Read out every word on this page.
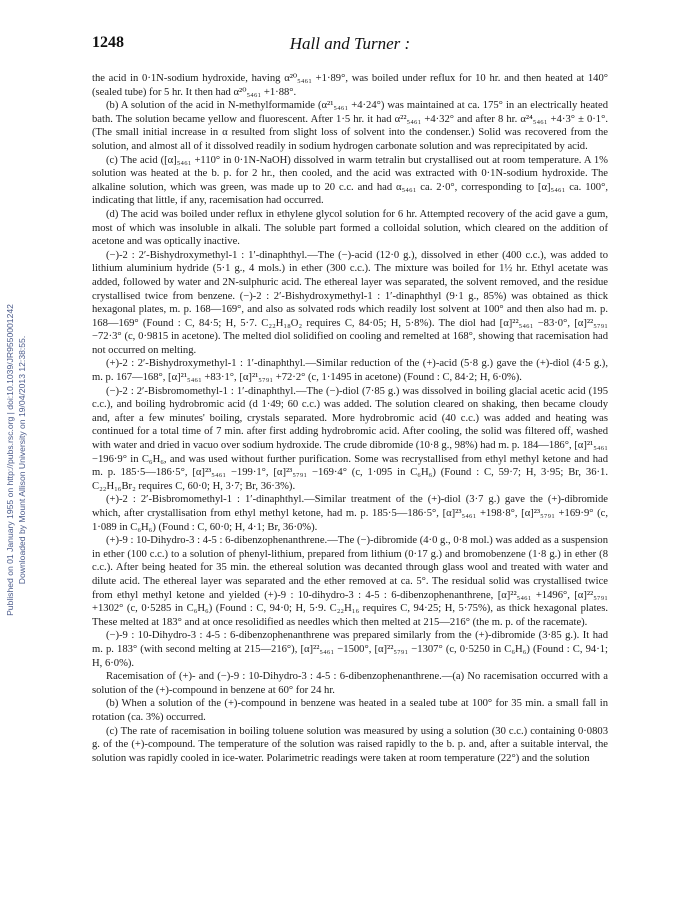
Published on 01 January 1955 on http://pubs.rsc.org | doi:10.1039/JR9550001242 Downloaded by Mount Allison University on 19/04/2013 12:38:55.
1248	Hall and Turner :

the acid in 0·1N-sodium hydroxide, having α²⁰₅₄₆₁ +1·89°, was boiled under reflux for 10 hr. and then heated at 140° (sealed tube) for 5 hr. It then had α²⁰₅₄₆₁ +1·88°.

(b) A solution of the acid in N-methylformamide (α²¹₅₄₆₁ +4·24°) was maintained at ca. 175° in an electrically heated bath. The solution became yellow and fluorescent. After 1·5 hr. it had α²²₅₄₆₁ +4·32° and after 8 hr. α²⁴₅₄₆₁ +4·3° ± 0·1°. (The small initial increase in α resulted from slight loss of solvent into the condenser.) Solid was recovered from the solution, and almost all of it dissolved readily in sodium hydrogen carbonate solution and was reprecipitated by acid.

(c) The acid ([α]₅₄₆₁ +110° in 0·1N-NaOH) dissolved in warm tetralin but crystallised out at room temperature. A 1% solution was heated at the b. p. for 2 hr., then cooled, and the acid was extracted with 0·1N-sodium hydroxide. The alkaline solution, which was green, was made up to 20 c.c. and had α₅₄₆₁ ca. 2·0°, corresponding to [α]₅₄₆₁ ca. 100°, indicating that little, if any, racemisation had occurred.

(d) The acid was boiled under reflux in ethylene glycol solution for 6 hr. Attempted recovery of the acid gave a gum, most of which was insoluble in alkali. The soluble part formed a colloidal solution, which cleared on the addition of acetone and was optically inactive.

(−)-2 : 2′-Bishydroxymethyl-1 : 1′-dinaphthyl.—The (−)-acid (12·0 g.), dissolved in ether (400 c.c.), was added to lithium aluminium hydride (5·1 g., 4 mols.) in ether (300 c.c.). The mixture was boiled for 1½ hr. Ethyl acetate was added, followed by water and 2N-sulphuric acid. The ethereal layer was separated, the solvent removed, and the residue crystallised twice from benzene. (−)-2 : 2′-Bishydroxymethyl-1 : 1′-dinaphthyl (9·1 g., 85%) was obtained as thick hexagonal plates, m. p. 168—169°, and also as solvated rods which readily lost solvent at 100° and then also had m. p. 168—169° (Found : C, 84·5; H, 5·7. C₂₂H₁₈O₂ requires C, 84·05; H, 5·8%). The diol had [α]²²₅₄₆₁ −83·0°, [α]²²₅₇₉₁ −72·3° (c, 0·9815 in acetone). The melted diol solidified on cooling and remelted at 168°, showing that racemisation had not occurred on melting.

(+)-2 : 2′-Bishydroxymethyl-1 : 1′-dinaphthyl.—Similar reduction of the (+)-acid (5·8 g.) gave the (+)-diol (4·5 g.), m. p. 167—168°, [α]²¹₅₄₆₁ +83·1°, [α]²¹₅₇₉₁ +72·2° (c, 1·1495 in acetone) (Found : C, 84·2; H, 6·0%).

(−)-2 : 2′-Bisbromomethyl-1 : 1′-dinaphthyl.—The (−)-diol (7·85 g.) was dissolved in boiling glacial acetic acid (195 c.c.), and boiling hydrobromic acid (d 1·49; 60 c.c.) was added. The solution cleared on shaking, then became cloudy and, after a few minutes' boiling, crystals separated. More hydrobromic acid (40 c.c.) was added and heating was continued for a total time of 7 min. after first adding hydrobromic acid. After cooling, the solid was filtered off, washed with water and dried in vacuo over sodium hydroxide. The crude dibromide (10·8 g., 98%) had m. p. 184—186°, [α]²¹₅₄₆₁ −196·9° in C₆H₆, and was used without further purification. Some was recrystallised from ethyl methyl ketone and had m. p. 185·5—186·5°, [α]²³₅₄₆₁ −199·1°, [α]²³₅₇₉₁ −169·4° (c, 1·095 in C₆H₆) (Found : C, 59·7; H, 3·95; Br, 36·1. C₂₂H₁₆Br₂ requires C, 60·0; H, 3·7; Br, 36·3%).

(+)-2 : 2′-Bisbromomethyl-1 : 1′-dinaphthyl.—Similar treatment of the (+)-diol (3·7 g.) gave the (+)-dibromide which, after crystallisation from ethyl methyl ketone, had m. p. 185·5—186·5°, [α]²³₅₄₆₁ +198·8°, [α]²³₅₇₉₁ +169·9° (c, 1·089 in C₆H₆) (Found : C, 60·0; H, 4·1; Br, 36·0%).

(+)-9 : 10-Dihydro-3 : 4-5 : 6-dibenzophenanthrene.—The (−)-dibromide (4·0 g., 0·8 mol.) was added as a suspension in ether (100 c.c.) to a solution of phenyl-lithium, prepared from lithium (0·17 g.) and bromobenzene (1·8 g.) in ether (8 c.c.). After being heated for 35 min. the ethereal solution was decanted through glass wool and treated with water and dilute acid. The ethereal layer was separated and the ether removed at ca. 5°. The residual solid was crystallised twice from ethyl methyl ketone and yielded (+)-9 : 10-dihydro-3 : 4-5 : 6-dibenzophenanthrene, [α]²²₅₄₆₁ +1496°, [α]²²₅₇₉₁ +1302° (c, 0·5285 in C₆H₆) (Found : C, 94·0; H, 5·9. C₂₂H₁₆ requires C, 94·25; H, 5·75%), as thick hexagonal plates. These melted at 183° and at once resolidified as needles which then melted at 215—216° (the m. p. of the racemate).

(−)-9 : 10-Dihydro-3 : 4-5 : 6-dibenzophenanthrene was prepared similarly from the (+)-dibromide (3·85 g.). It had m. p. 183° (with second melting at 215—216°), [α]²²₅₄₆₁ −1500°, [α]²²₅₇₉₁ −1307° (c, 0·5250 in C₆H₆) (Found : C, 94·1; H, 6·0%).

Racemisation of (+)- and (−)-9 : 10-Dihydro-3 : 4-5 : 6-dibenzophenanthrene.—(a) No racemisation occurred with a solution of the (+)-compound in benzene at 60° for 24 hr.

(b) When a solution of the (+)-compound in benzene was heated in a sealed tube at 100° for 35 min. a small fall in rotation (ca. 3%) occurred.

(c) The rate of racemisation in boiling toluene solution was measured by using a solution (30 c.c.) containing 0·0803 g. of the (+)-compound. The temperature of the solution was raised rapidly to the b. p. and, after a suitable interval, the solution was rapidly cooled in ice-water. Polarimetric readings were taken at room temperature (22°) and the solution
